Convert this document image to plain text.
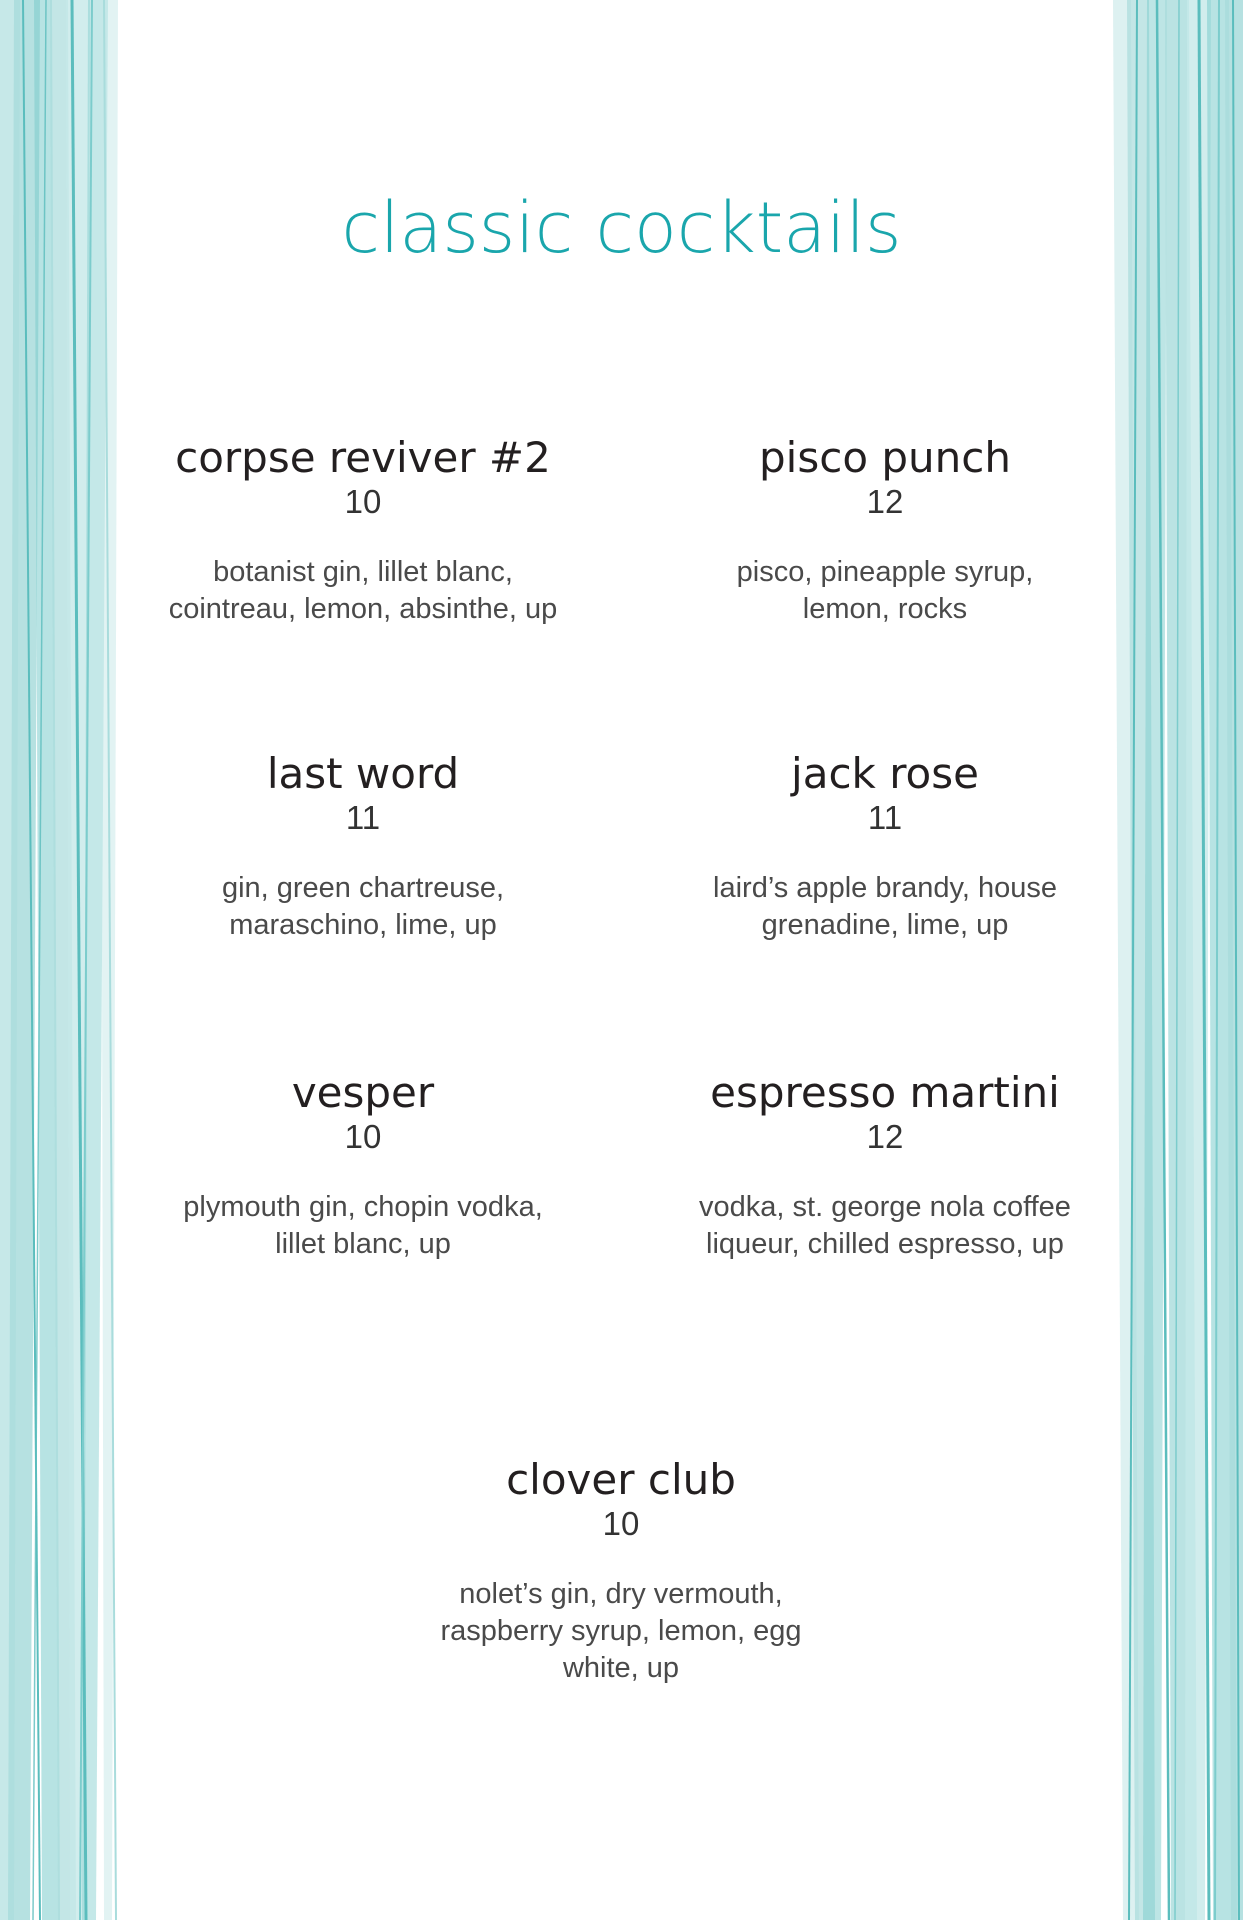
classic cocktails
corpse reviver #2
10
botanist gin, lillet blanc,
cointreau, lemon, absinthe, up
pisco punch
12
pisco, pineapple syrup,
lemon, rocks
last word
11
gin, green chartreuse,
maraschino, lime, up
jack rose
11
laird’s apple brandy, house
grenadine, lime, up
vesper
10
plymouth gin, chopin vodka,
lillet blanc, up
espresso martini
12
vodka, st. george nola coffee
liqueur, chilled espresso, up
clover club
10
nolet’s gin, dry vermouth,
raspberry syrup, lemon, egg
white, up
